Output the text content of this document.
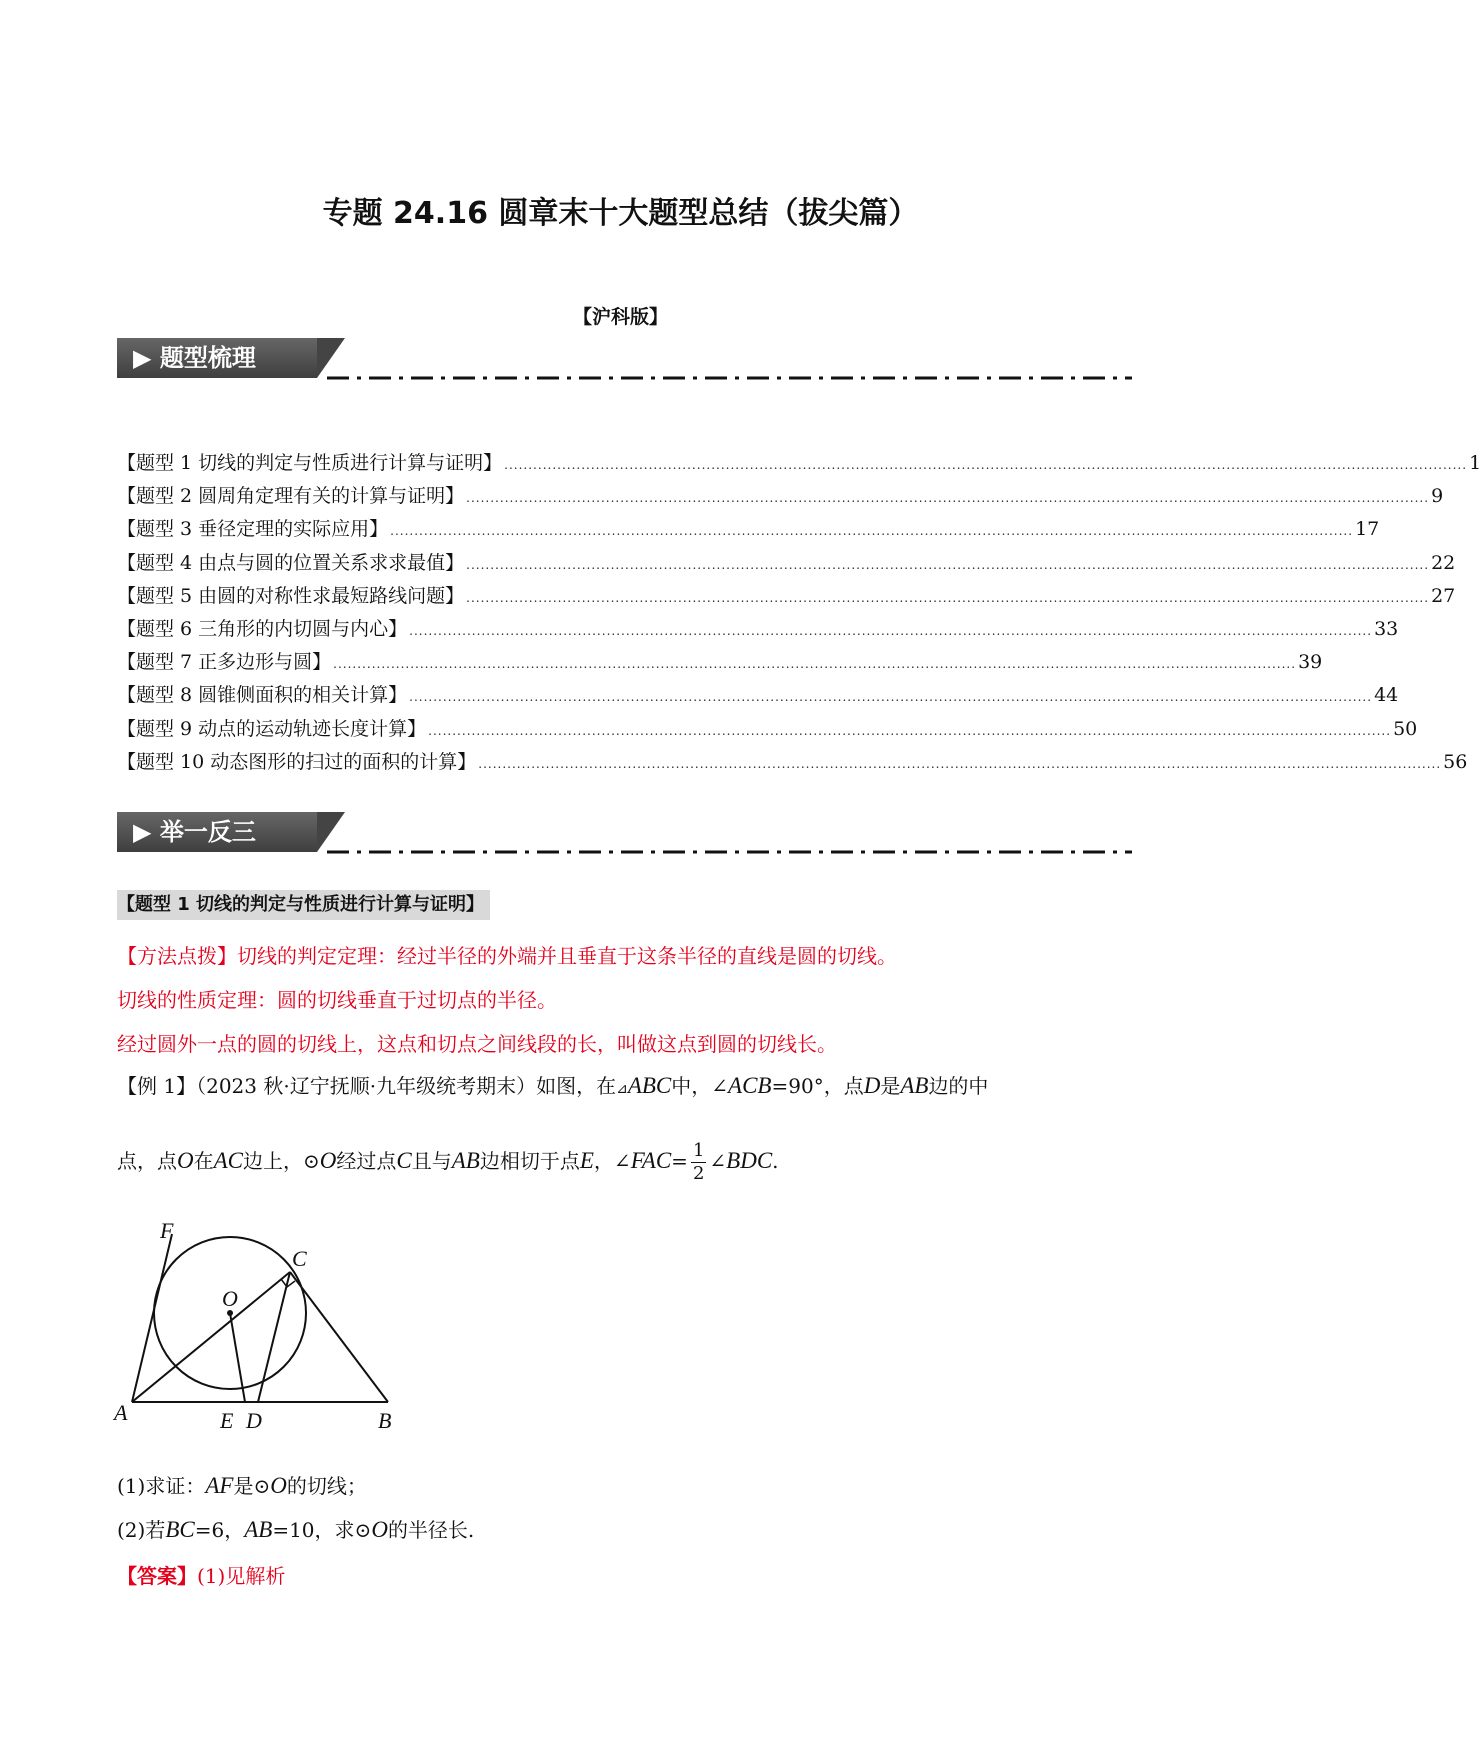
专题 24.16 圆章末十大题型总结（拔尖篇）
【沪科版】
▶ 题型梳理
【题型 1 切线的判定与性质进行计算与证明】 ........................................................................................................................................................................................................ 1
【题型 2 圆周角定理有关的计算与证明】 ........................................................................................................................................................................................................ 9
【题型 3 垂径定理的实际应用】 ........................................................................................................................................................................................................ 17
【题型 4 由点与圆的位置关系求求最值】 ........................................................................................................................................................................................................ 22
【题型 5 由圆的对称性求最短路线问题】 ........................................................................................................................................................................................................ 27
【题型 6 三角形的内切圆与内心】 ........................................................................................................................................................................................................ 33
【题型 7 正多边形与圆】 ........................................................................................................................................................................................................ 39
【题型 8 圆锥侧面积的相关计算】 ........................................................................................................................................................................................................ 44
【题型 9 动点的运动轨迹长度计算】 ........................................................................................................................................................................................................ 50
【题型 10 动态图形的扫过的面积的计算】 ........................................................................................................................................................................................................ 56
▶ 举一反三
【题型 1 切线的判定与性质进行计算与证明】
【方法点拨】切线的判定定理：经过半径的外端并且垂直于这条半径的直线是圆的切线。
切线的性质定理：圆的切线垂直于过切点的半径。
经过圆外一点的圆的切线上，这点和切点之间线段的长，叫做这点到圆的切线长。
【例 1】（2023 秋·辽宁抚顺·九年级统考期末）如图，在⊿ABC中，∠ACB=90°，点D是AB边的中
点，点O在AC边上，⊙O经过点C且与AB边相切于点E，∠FAC= $\frac{1}{2}$ ∠BDC.
F
C
O
A	E D	B
(1)求证：AF是⊙O的切线；
(2)若BC=6，AB=10，求⊙O的半径长.
【答案】(1)见解析
